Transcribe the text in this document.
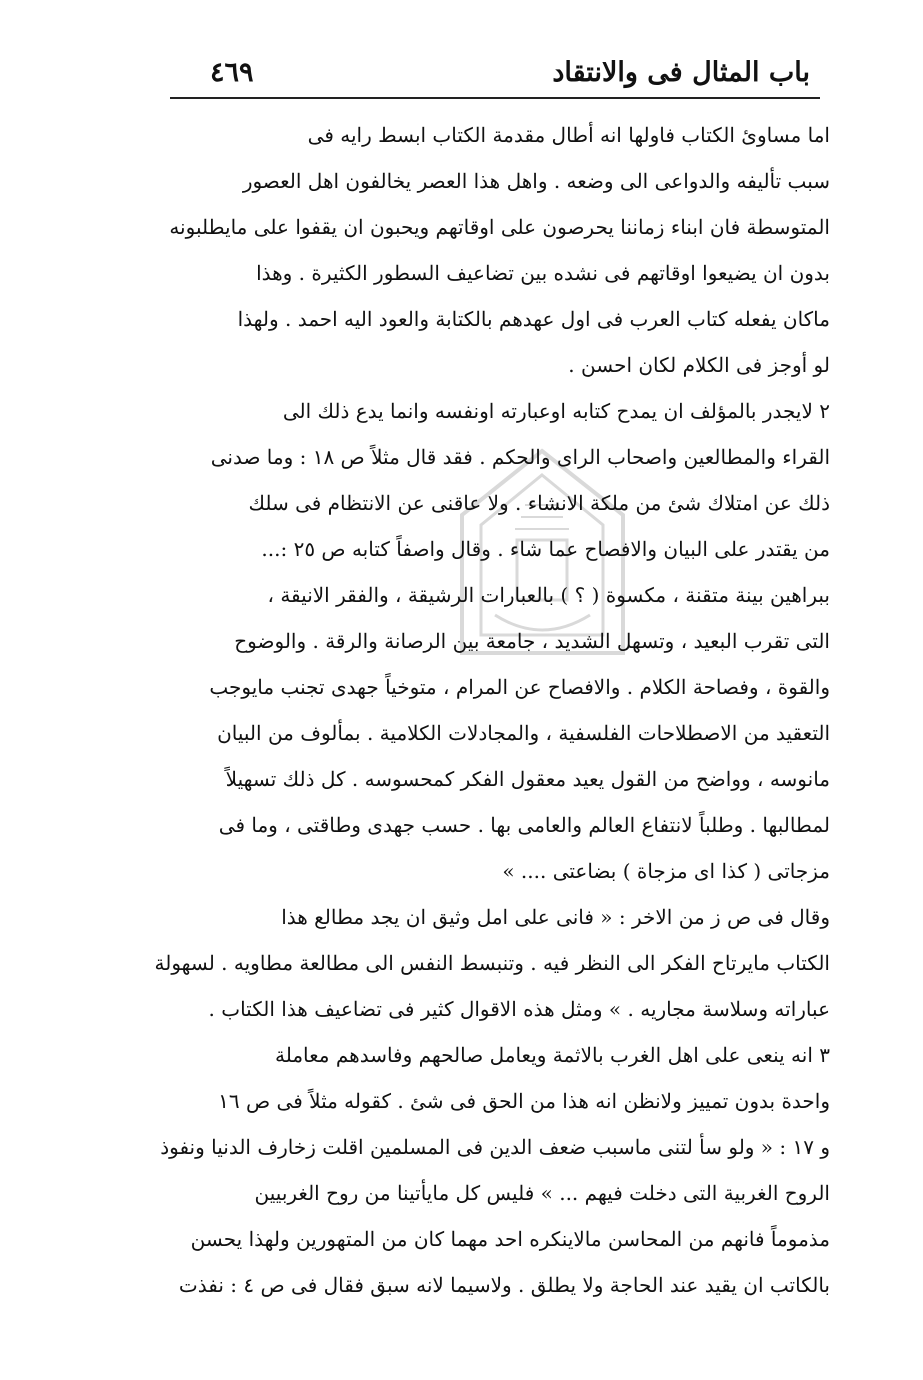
باب المثال فى والانتقاد
٤٦٩
اما مساوئ الكتاب فاولها انه أطال مقدمة الكتاب ابسط رايه فى
سبب تأليفه والدواعى الى وضعه . واهل هذا العصر يخالفون اهل العصور
المتوسطة فان ابناء زماننا يحرصون على اوقاتهم ويحبون ان يقفوا على مايطلبونه
بدون ان يضيعوا اوقاتهم فى نشده بين تضاعيف السطور الكثيرة . وهذا
ماكان يفعله كتاب العرب فى اول عهدهم بالكتابة والعود اليه احمد . ولهذا
لو أوجز فى الكلام لكان احسن .
٢ لايجدر بالمؤلف ان يمدح كتابه اوعبارته اونفسه وانما يدع ذلك الى
القراء والمطالعين واصحاب الراى والحكم . فقد قال مثلاً ص ١٨ : وما صدنى
ذلك عن امتلاك شئ من ملكة الانشاء . ولا عاقنى عن الانتظام فى سلك
من يقتدر على البيان والافصاح عما شاء . وقال واصفاً كتابه ص ٢٥ :...
ببراهين بينة متقنة ، مكسوة ( ؟ ) بالعبارات الرشيقة ، والفقر الانيقة ،
التى تقرب البعيد ، وتسهل الشديد ، جامعة بين الرصانة والرقة . والوضوح
والقوة ، وفصاحة الكلام . والافصاح عن المرام ، متوخياً جهدى تجنب مايوجب
التعقيد من الاصطلاحات الفلسفية ، والمجادلات الكلامية . بمألوف من البيان
مانوسه ، وواضح من القول يعيد معقول الفكر كمحسوسه . كل ذلك تسهيلاً
لمطالبها . وطلباً لانتفاع العالم والعامى بها . حسب جهدى وطاقتى ، وما فى
مزجاتى ( كذا اى مزجاة ) بضاعتى .... »
وقال فى ص ز من الاخر : « فانى على امل وثيق ان يجد مطالع هذا
الكتاب مايرتاح الفكر الى النظر فيه . وتنبسط النفس الى مطالعة مطاويه . لسهولة
عباراته وسلاسة مجاريه . » ومثل هذه الاقوال كثير فى تضاعيف هذا الكتاب .
٣ انه ينعى على اهل الغرب بالاثمة ويعامل صالحهم وفاسدهم معاملة
واحدة بدون تمييز ولانظن انه هذا من الحق فى شئ . كقوله مثلاً فى ص ١٦
و ١٧ : « ولو سأ لتنى ماسبب ضعف الدين فى المسلمين اقلت زخارف الدنيا ونفوذ
الروح الغربية التى دخلت فيهم ... » فليس كل مايأتينا من روح الغربيين
مذموماً فانهم من المحاسن مالاينكره احد مهما كان من المتهورين ولهذا يحسن
بالكاتب ان يقيد عند الحاجة ولا يطلق . ولاسيما لانه سبق فقال فى ص ٤ : نفذت
